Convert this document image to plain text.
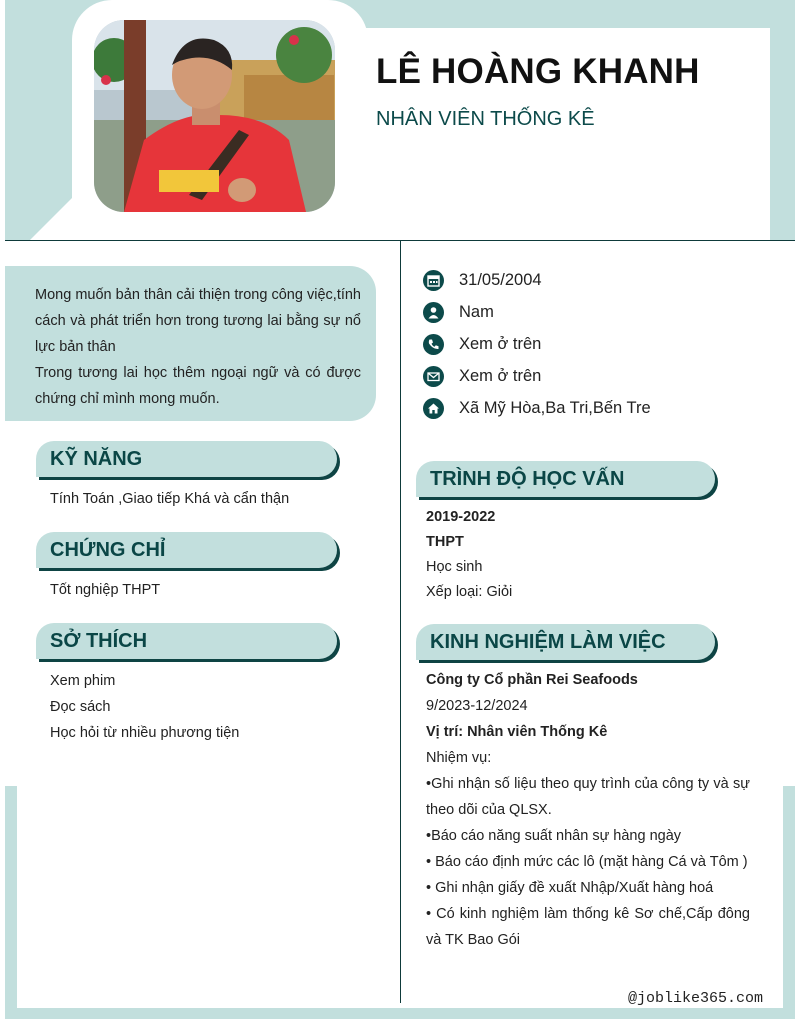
LÊ HOÀNG KHANH
NHÂN VIÊN THỐNG KÊ
Mong muốn bản thân cải thiện trong công việc,tính cách và phát triển hơn trong tương lai bằng sự nổ lực bản thân
Trong tương lai học thêm ngoại ngữ và có được chứng chỉ mình mong muốn.
KỸ NĂNG
Tính Toán ,Giao tiếp Khá và cẩn thận
CHỨNG CHỈ
Tốt nghiệp THPT
SỞ THÍCH
Xem phim
Đọc sách
Học hỏi từ nhiều phương tiện
31/05/2004
Nam
Xem ở trên
Xem ở trên
Xã Mỹ Hòa,Ba Tri,Bến Tre
TRÌNH ĐỘ HỌC VẤN
2019-2022
THPT
Học sinh
Xếp loại: Giỏi
KINH NGHIỆM LÀM VIỆC
Công ty Cổ phần Rei Seafoods
9/2023-12/2024
Vị trí: Nhân viên Thống Kê
Nhiệm vụ:
•Ghi nhận số liệu theo quy trình của công ty và sự theo dõi của QLSX.
•Báo cáo năng suất nhân sự hàng ngày
• Báo cáo định mức các lô (mặt hàng Cá và Tôm )
• Ghi nhận giấy đề xuất Nhập/Xuất hàng hoá
• Có kinh nghiệm làm thống kê Sơ chế,Cấp đông và TK Bao Gói
@joblike365.com
